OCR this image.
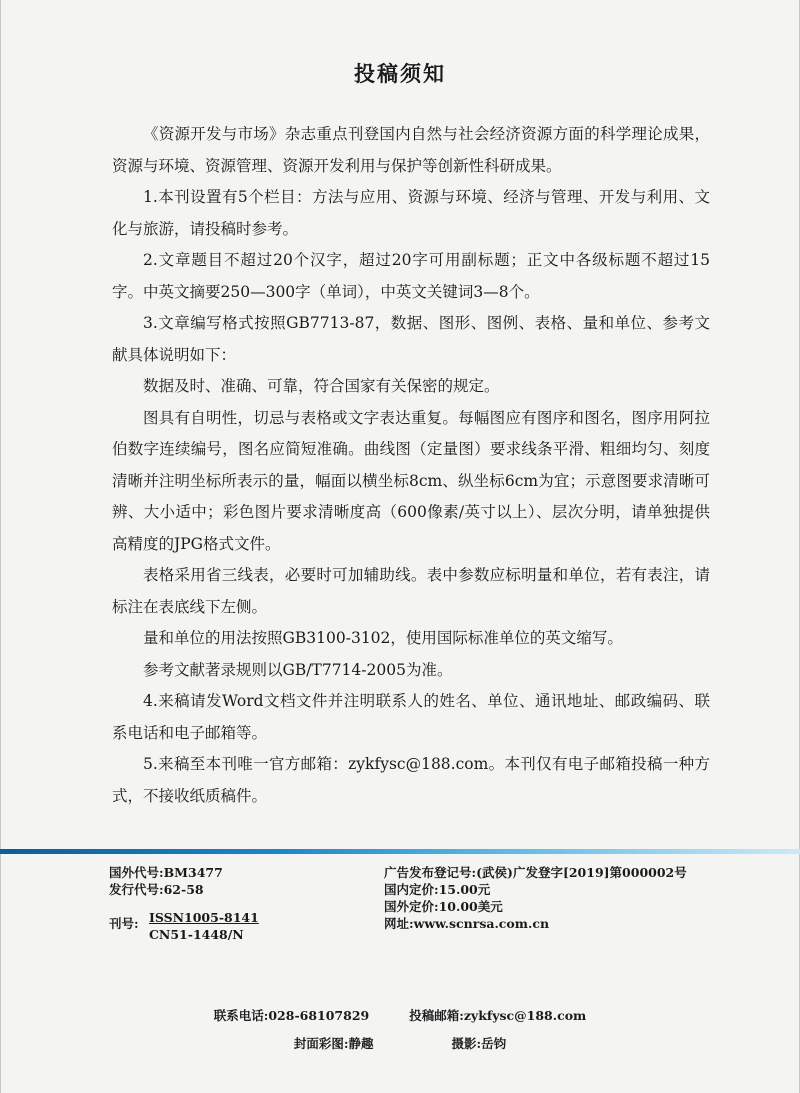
投稿须知

《资源开发与市场》杂志重点刊登国内自然与社会经济资源方面的科学理论成果，资源与环境、资源管理、资源开发利用与保护等创新性科研成果。

1.本刊设置有5个栏目：方法与应用、资源与环境、经济与管理、开发与利用、文化与旅游，请投稿时参考。

2.文章题目不超过20个汉字，超过20字可用副标题；正文中各级标题不超过15字。中英文摘要250—300字（单词），中英文关键词3—8个。

3.文章编写格式按照GB7713-87，数据、图形、图例、表格、量和单位、参考文献具体说明如下：

数据及时、准确、可靠，符合国家有关保密的规定。

图具有自明性，切忌与表格或文字表达重复。每幅图应有图序和图名，图序用阿拉伯数字连续编号，图名应简短准确。曲线图（定量图）要求线条平滑、粗细均匀、刻度清晰并注明坐标所表示的量，幅面以横坐标8cm、纵坐标6cm为宜；示意图要求清晰可辨、大小适中；彩色图片要求清晰度高（600像素/英寸以上）、层次分明，请单独提供高精度的JPG格式文件。

表格采用省三线表，必要时可加辅助线。表中参数应标明量和单位，若有表注，请标注在表底线下左侧。

量和单位的用法按照GB3100-3102，使用国际标准单位的英文缩写。

参考文献著录规则以GB/T7714-2005为准。

4.来稿请发Word文档文件并注明联系人的姓名、单位、通讯地址、邮政编码、联系电话和电子邮箱等。

5.来稿至本刊唯一官方邮箱：zykfysc@188.com。本刊仅有电子邮箱投稿一种方式，不接收纸质稿件。

国外代号:BM3477
发行代号:62-58
刊号: ISSN1005-8141
CN51-1448/N
广告发布登记号:(武侯)广发登字[2019]第000002号
国内定价:15.00元
国外定价:10.00美元
网址:www.scnrsa.com.cn
联系电话:028-68107829	投稿邮箱:zykfysc@188.com
封面彩图:静趣	摄影:岳钧
